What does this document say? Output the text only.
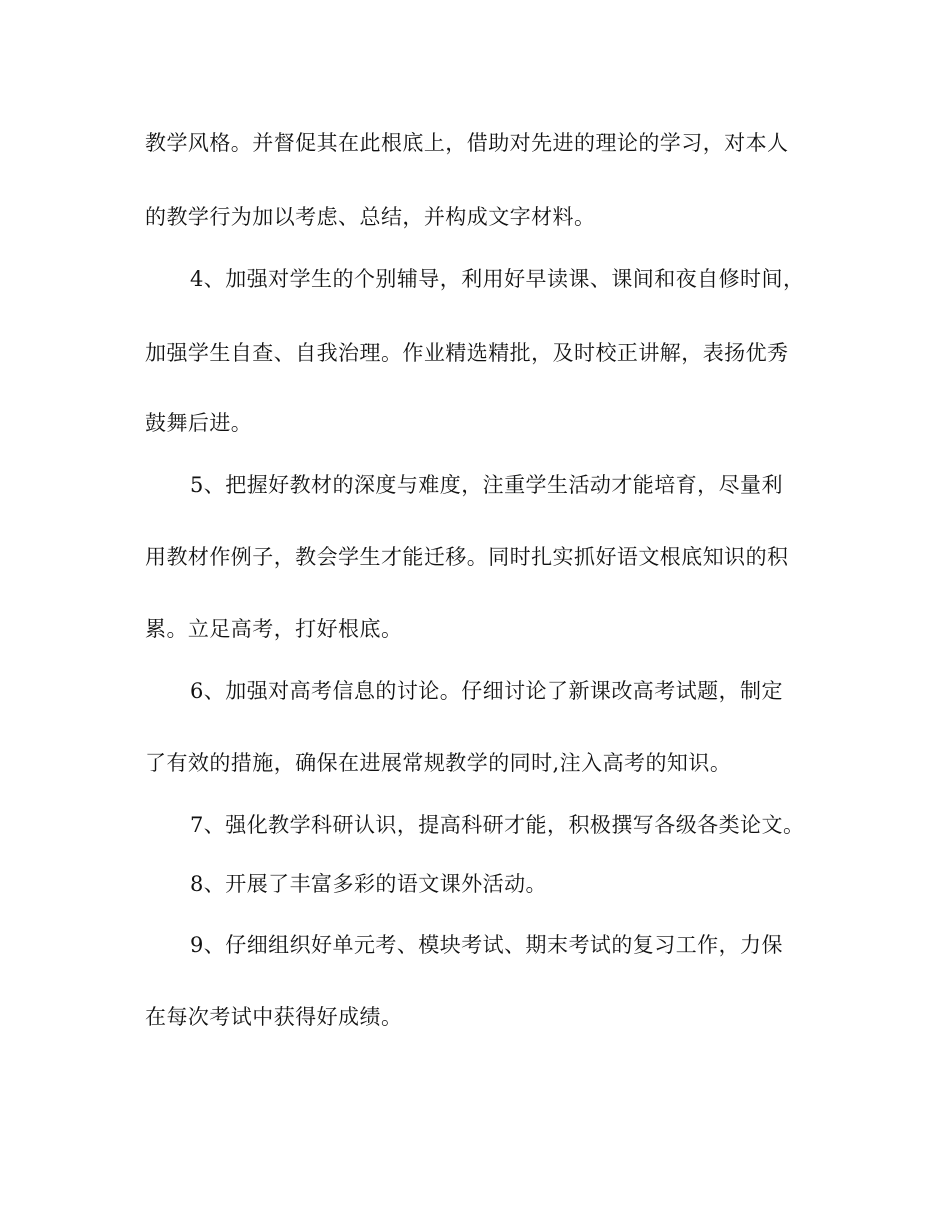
教学风格。并督促其在此根底上，借助对先进的理论的学习，对本人
的教学行为加以考虑、总结，并构成文字材料。
4、加强对学生的个别辅导，利用好早读课、课间和夜自修时间，
加强学生自查、自我治理。作业精选精批，及时校正讲解，表扬优秀
鼓舞后进。
5、把握好教材的深度与难度，注重学生活动才能培育，尽量利
用教材作例子，教会学生才能迁移。同时扎实抓好语文根底知识的积
累。立足高考，打好根底。
6、加强对高考信息的讨论。仔细讨论了新课改高考试题，制定
了有效的措施，确保在进展常规教学的同时,注入高考的知识。
7、强化教学科研认识，提高科研才能，积极撰写各级各类论文。
8、开展了丰富多彩的语文课外活动。
9、仔细组织好单元考、模块考试、期末考试的复习工作，力保
在每次考试中获得好成绩。
